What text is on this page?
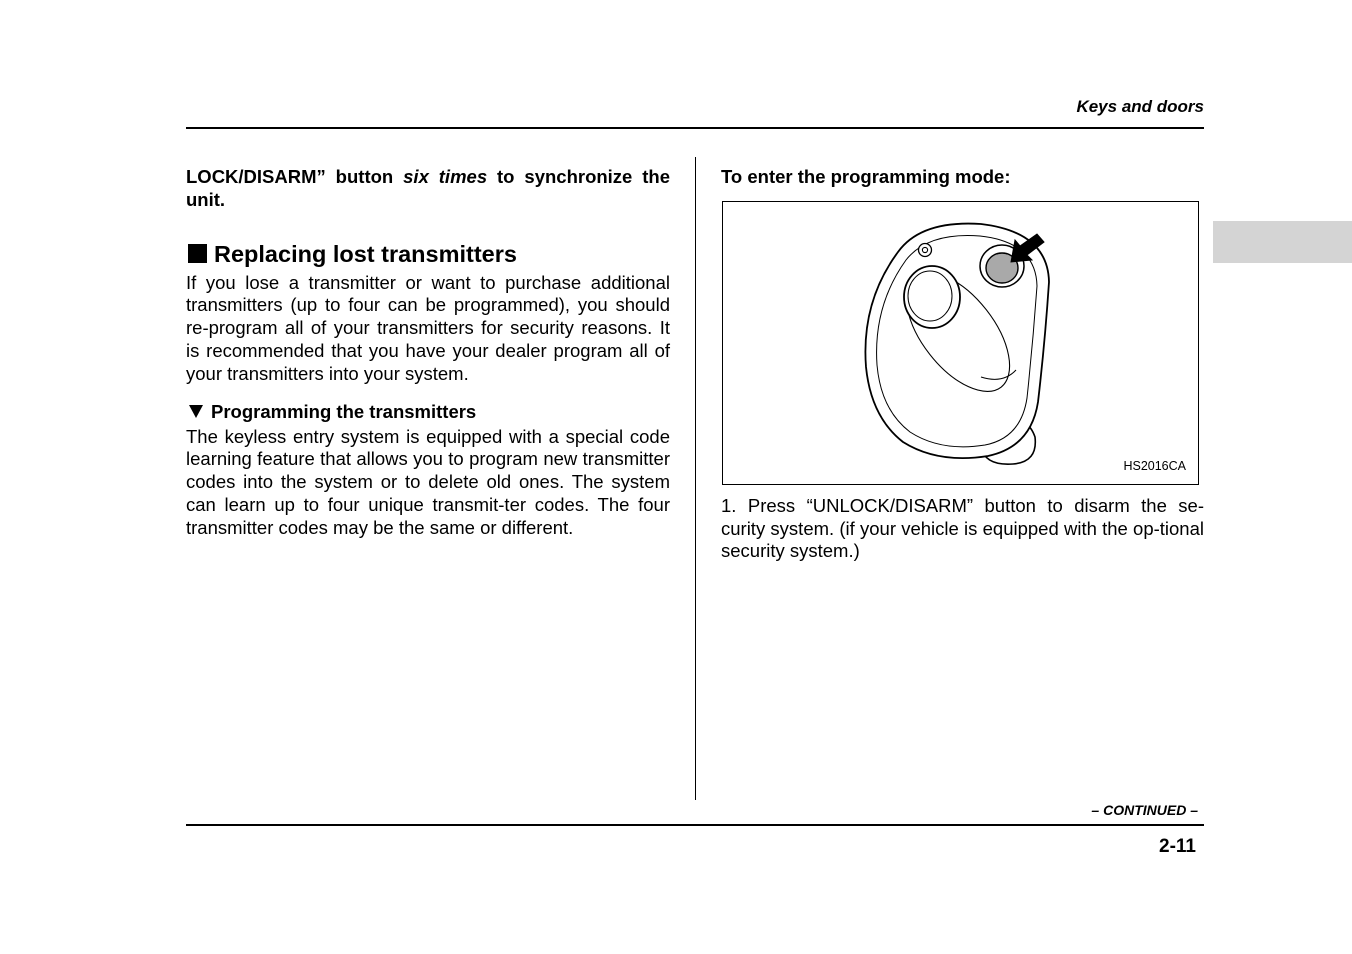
Keys and doors

LOCK/DISARM” button six times to synchronize the unit.

Replacing lost transmitters

If you lose a transmitter or want to purchase additional transmitters (up to four can be programmed), you should re-program all of your transmitters for security reasons. It is recommended that you have your dealer program all of your transmitters into your system.

Programming the transmitters

The keyless entry system is equipped with a special code learning feature that allows you to program new transmitter codes into the system or to delete old ones. The system can learn up to four unique transmit-ter codes. The four transmitter codes may be the same or different.

To enter the programming mode:

HS2016CA

1. Press “UNLOCK/DISARM” button to disarm the se-curity system. (if your vehicle is equipped with the op-tional security system.)

– CONTINUED –
2-11
